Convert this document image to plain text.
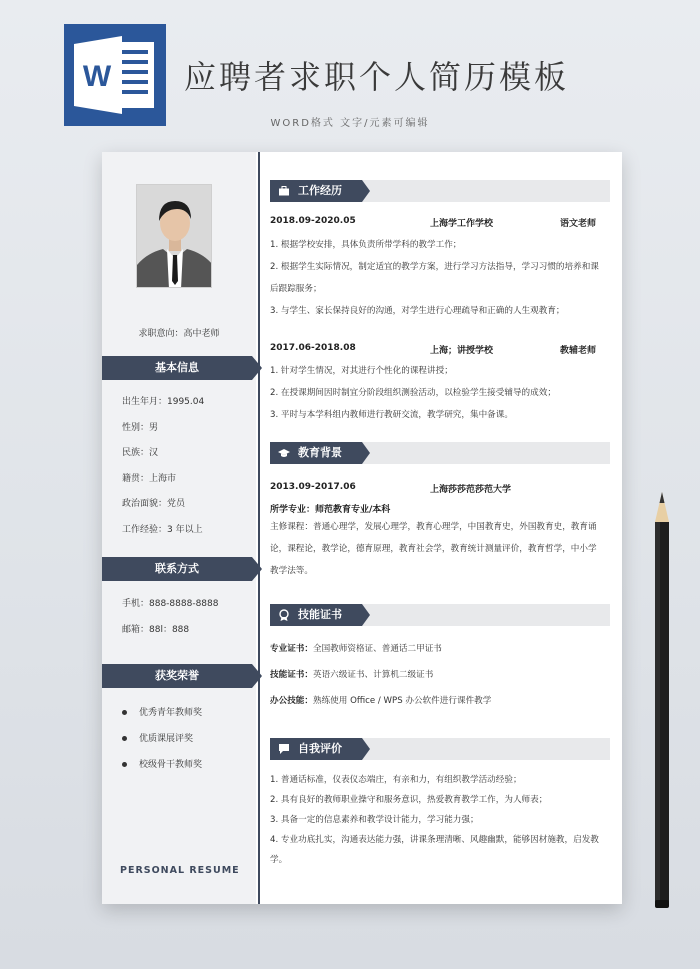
W 应聘者求职个人简历模板
WORD格式 文字/元素可编辑
求职意向：高中老师
基本信息
出生年月：1995.04
性别：男
民族：汉
籍贯：上海市
政治面貌：党员
工作经验：3 年以上
联系方式
手机：888-8888-8888
邮箱：88l：888
获奖荣誉
优秀青年教师奖
优质课展评奖
校级骨干教师奖
PERSONAL RESUME
工作经历
2018.09-2020.05	上海学工作学校	语文老师
1. 根据学校安排，具体负责所带学科的教学工作；
2. 根据学生实际情况，制定适宜的教学方案，进行学习方法指导，学习习惯的培养和课后跟踪服务；
3. 与学生、家长保持良好的沟通，对学生进行心理疏导和正确的人生观教育；
2017.06-2018.08	上海；讲授学校	教辅老师
1. 针对学生情况，对其进行个性化的课程讲授；
2. 在授课期间因时制宜分阶段组织测验活动，以检验学生接受辅导的成效；
3. 平时与本学科组内教师进行教研交流，教学研究，集中备课。
教育背景
2013.09-2017.06	上海莎莎范莎范大学
所学专业：师范教育专业/本科
主修课程：普通心理学，发展心理学，教育心理学，中国教育史，外国教育史，教育诵论，课程论，教学论，德育原理，教育社会学，教育统计测量评价，教育哲学，中小学教学法等。
技能证书
专业证书：全国教师资格证、普通话二甲证书
技能证书：英语六级证书、计算机二级证书
办公技能：熟练使用 Office / WPS 办公软件进行课件教学
自我评价
1. 普通话标准，仪表仪态端庄，有亲和力，有组织教学活动经验；
2. 具有良好的教师职业操守和服务意识，热爱教育教学工作，为人师表；
3. 具备一定的信息素养和教学设计能力，学习能力强；
4. 专业功底扎实，沟通表达能力强，讲课条理清晰、风趣幽默，能够因材施教，启发教学。
